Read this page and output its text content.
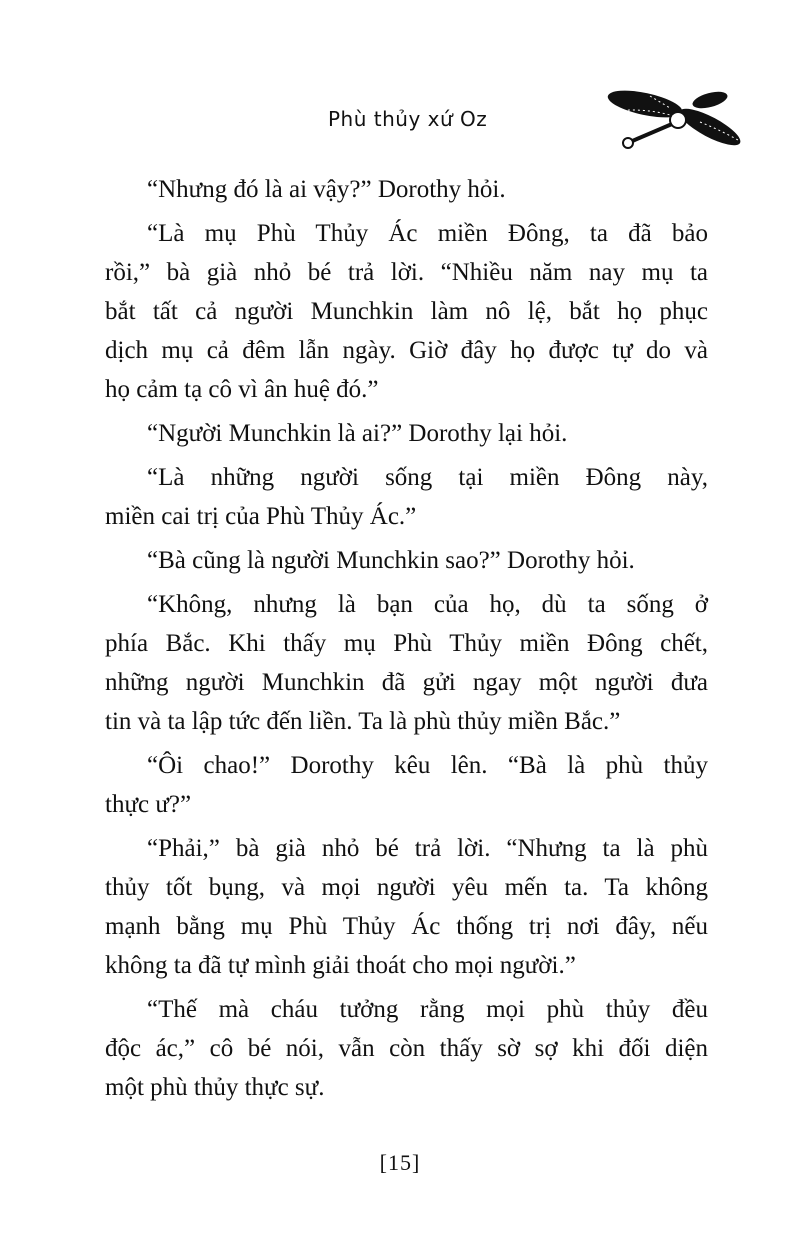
Phù thủy xứ Oz
“Nhưng đó là ai vậy?” Dorothy hỏi.
“Là mụ Phù Thủy Ác miền Đông, ta đã bảo
rồi,” bà già nhỏ bé trả lời. “Nhiều năm nay mụ ta
bắt tất cả người Munchkin làm nô lệ, bắt họ phục
dịch mụ cả đêm lẫn ngày. Giờ đây họ được tự do và
họ cảm tạ cô vì ân huệ đó.”
“Người Munchkin là ai?” Dorothy lại hỏi.
“Là những người sống tại miền Đông này,
miền cai trị của Phù Thủy Ác.”
“Bà cũng là người Munchkin sao?” Dorothy hỏi.
“Không, nhưng là bạn của họ, dù ta sống ở
phía Bắc. Khi thấy mụ Phù Thủy miền Đông chết,
những người Munchkin đã gửi ngay một người đưa
tin và ta lập tức đến liền. Ta là phù thủy miền Bắc.”
“Ôi chao!” Dorothy kêu lên. “Bà là phù thủy
thực ư?”
“Phải,” bà già nhỏ bé trả lời. “Nhưng ta là phù
thủy tốt bụng, và mọi người yêu mến ta. Ta không
mạnh bằng mụ Phù Thủy Ác thống trị nơi đây, nếu
không ta đã tự mình giải thoát cho mọi người.”
“Thế mà cháu tưởng rằng mọi phù thủy đều
độc ác,” cô bé nói, vẫn còn thấy sờ sợ khi đối diện
một phù thủy thực sự.
[15]
